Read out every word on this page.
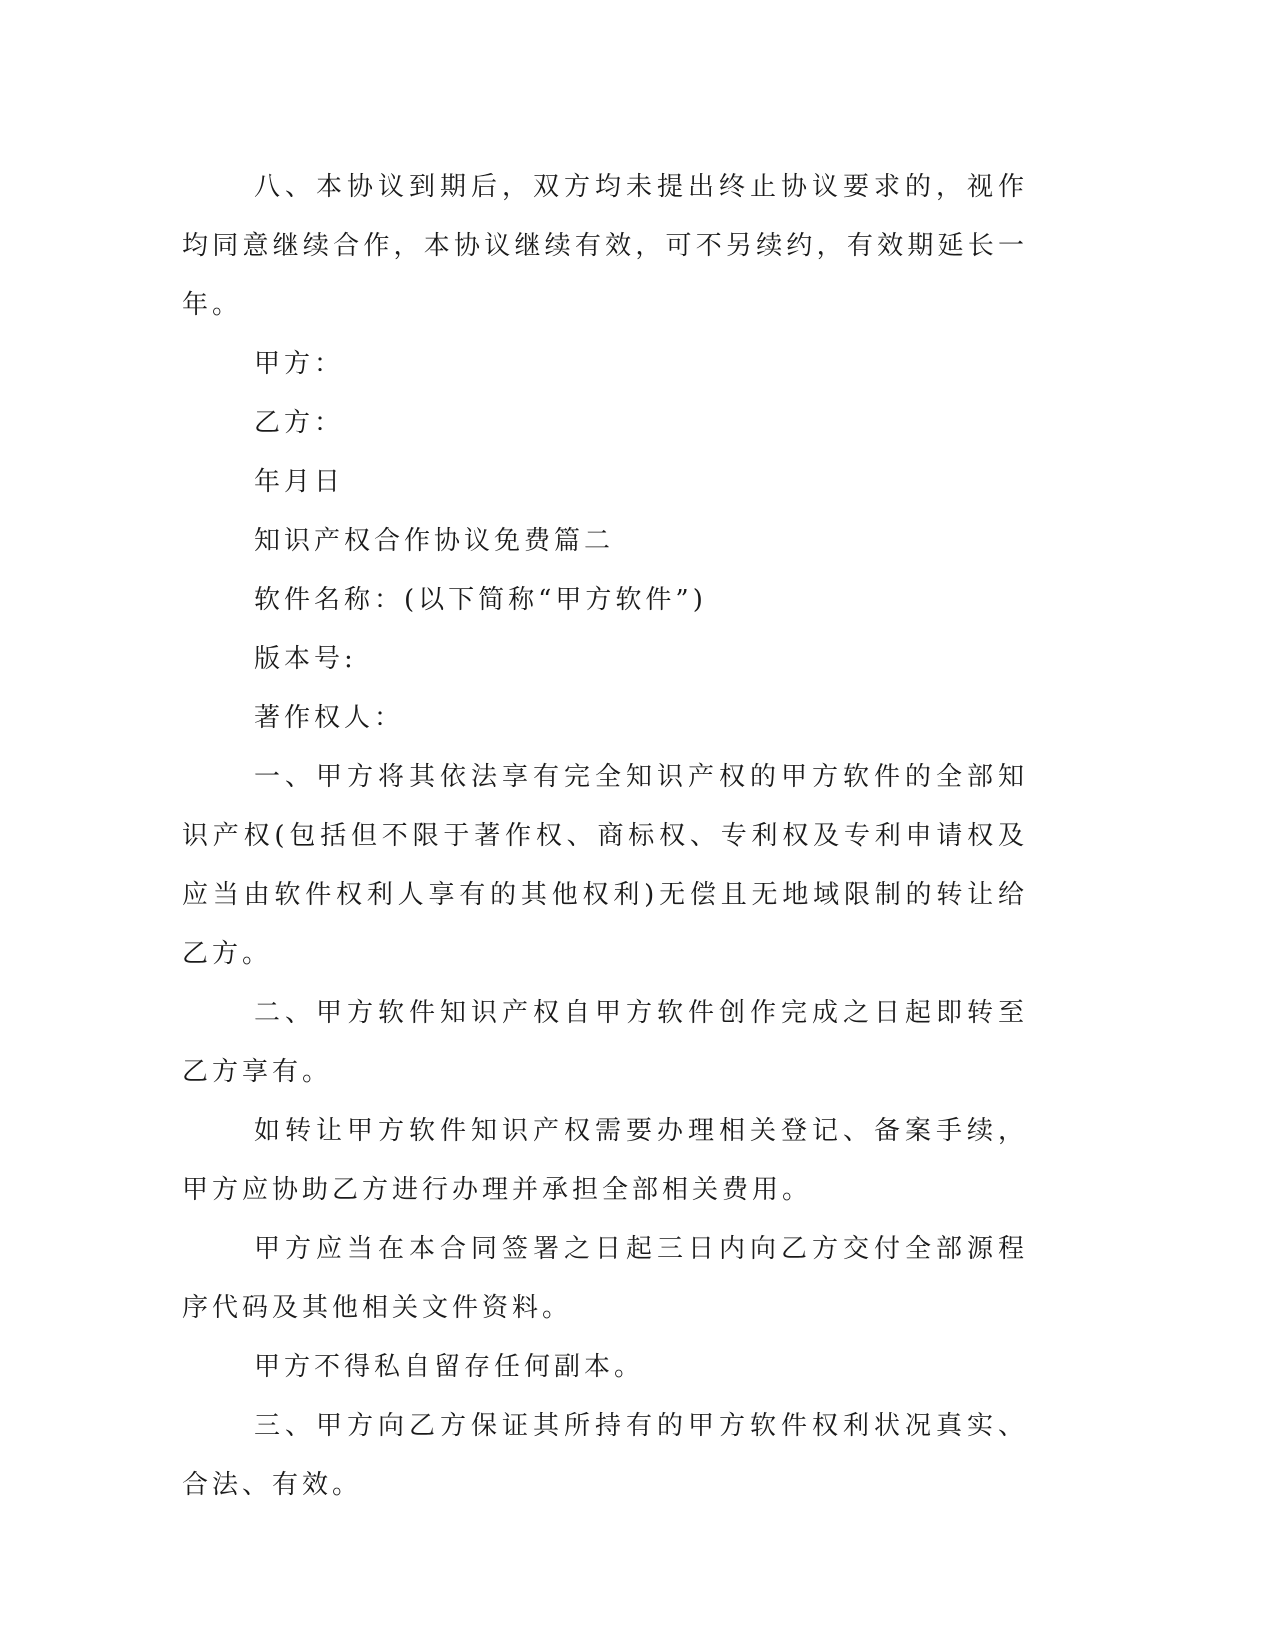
八、本协议到期后，双方均未提出终止协议要求的，视作均同意继续合作，本协议继续有效，可不另续约，有效期延长一年。

甲方：

乙方：

年月日

知识产权合作协议免费篇二

软件名称：(以下简称“甲方软件”)

版本号:

著作权人：

一、甲方将其依法享有完全知识产权的甲方软件的全部知识产权(包括但不限于著作权、商标权、专利权及专利申请权及应当由软件权利人享有的其他权利)无偿且无地域限制的转让给乙方。

二、甲方软件知识产权自甲方软件创作完成之日起即转至乙方享有。

如转让甲方软件知识产权需要办理相关登记、备案手续，甲方应协助乙方进行办理并承担全部相关费用。

甲方应当在本合同签署之日起三日内向乙方交付全部源程序代码及其他相关文件资料。

甲方不得私自留存任何副本。

三、甲方向乙方保证其所持有的甲方软件权利状况真实、合法、有效。
